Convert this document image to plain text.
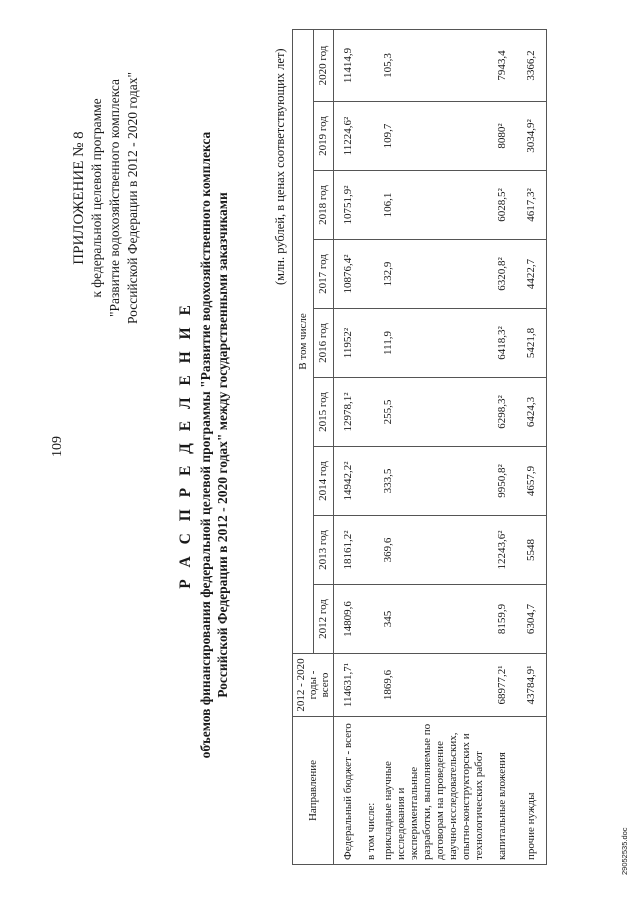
109
ПРИЛОЖЕНИЕ № 8 к федеральной целевой программе "Развитие водохозяйственного комплекса Российской Федерации в 2012 - 2020 годах"
Р А С П Р Е Д Е Л Е Н И Е объемов финансирования федеральной целевой программы "Развитие водохозяйственного комплекса Российской Федерации в 2012 - 2020 годах" между государственными заказчиками
(млн. рублей, в ценах соответствующих лет)
Направление	2012 - 2020 годы - всего	В том числе								
		2012 год	2013 год	2014 год	2015 год	2016 год	2017 год	2018 год	2019 год	2020 год
Федеральный бюджет - всего	114631,7¹	14809,6	18161,2²	14942,2²	12978,1²	11952²	10876,4²	10751,9²	11224,6²	11414,9
в том числе:										
прикладные научные исследования и экспериментальные разработки, выполняемые по договорам на проведение научно-исследовательских, опытно-конструкторских и технологических работ	1869,6	345	369,6	333,5	255,5	111,9	132,9	106,1	109,7	105,3
капитальные вложения	68977,2¹	8159,9	12243,6²	9950,8²	6298,3²	6418,3²	6320,8²	6028,5²	8080²	7943,4
прочие нужды	43784,9¹	6304,7	5548	4657,9	6424,3	5421,8	4422,7	4617,3²	3034,9²	3366,2
29052535.doc
